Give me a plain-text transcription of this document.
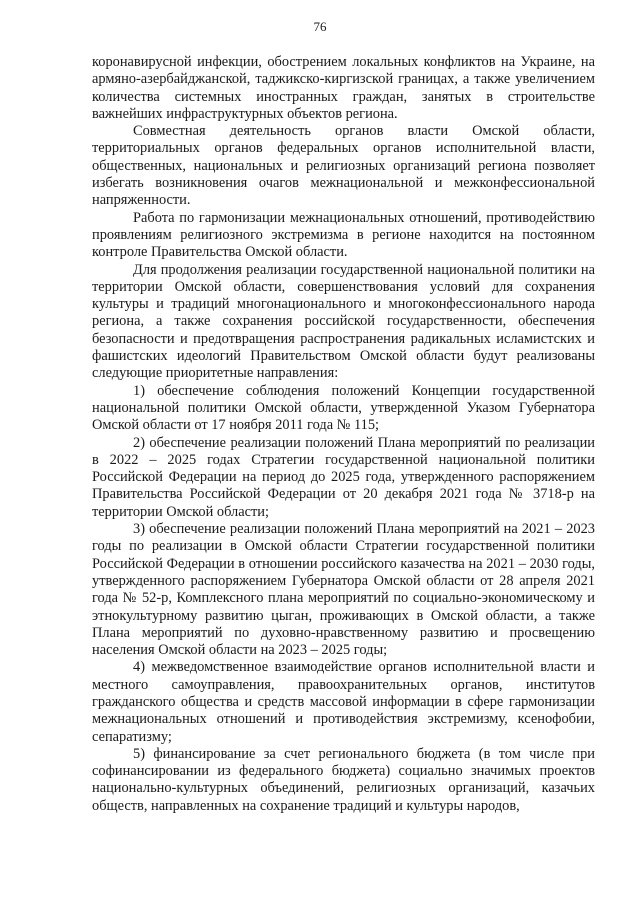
76

коронавирусной инфекции, обострением локальных конфликтов на Украине, на армяно-азербайджанской, таджикско-киргизской границах, а также увеличением количества системных иностранных граждан, занятых в строительстве важнейших инфраструктурных объектов региона.

Совместная деятельность органов власти Омской области, территориальных органов федеральных органов исполнительной власти, общественных, национальных и религиозных организаций региона позволяет избегать возникновения очагов межнациональной и межконфессиональной напряженности.

Работа по гармонизации межнациональных отношений, противодействию проявлениям религиозного экстремизма в регионе находится на постоянном контроле Правительства Омской области.

Для продолжения реализации государственной национальной политики на территории Омской области, совершенствования условий для сохранения культуры и традиций многонационального и многоконфессионального народа региона, а также сохранения российской государственности, обеспечения безопасности и предотвращения распространения радикальных исламистских и фашистских идеологий Правительством Омской области будут реализованы следующие приоритетные направления:

1) обеспечение соблюдения положений Концепции государственной национальной политики Омской области, утвержденной Указом Губернатора Омской области от 17 ноября 2011 года № 115;

2) обеспечение реализации положений Плана мероприятий по реализации в 2022 – 2025 годах Стратегии государственной национальной политики Российской Федерации на период до 2025 года, утвержденного распоряжением Правительства Российской Федерации от 20 декабря 2021 года № 3718-р на территории Омской области;

3) обеспечение реализации положений Плана мероприятий на 2021 – 2023 годы по реализации в Омской области Стратегии государственной политики Российской Федерации в отношении российского казачества на 2021 – 2030 годы, утвержденного распоряжением Губернатора Омской области от 28 апреля 2021 года № 52-р, Комплексного плана мероприятий по социально-экономическому и этнокультурному развитию цыган, проживающих в Омской области, а также Плана мероприятий по духовно-нравственному развитию и просвещению населения Омской области на 2023 – 2025 годы;

4) межведомственное взаимодействие органов исполнительной власти и местного самоуправления, правоохранительных органов, институтов гражданского общества и средств массовой информации в сфере гармонизации межнациональных отношений и противодействия экстремизму, ксенофобии, сепаратизму;

5) финансирование за счет регионального бюджета (в том числе при софинансировании из федерального бюджета) социально значимых проектов национально-культурных объединений, религиозных организаций, казачьих обществ, направленных на сохранение традиций и культуры народов,
